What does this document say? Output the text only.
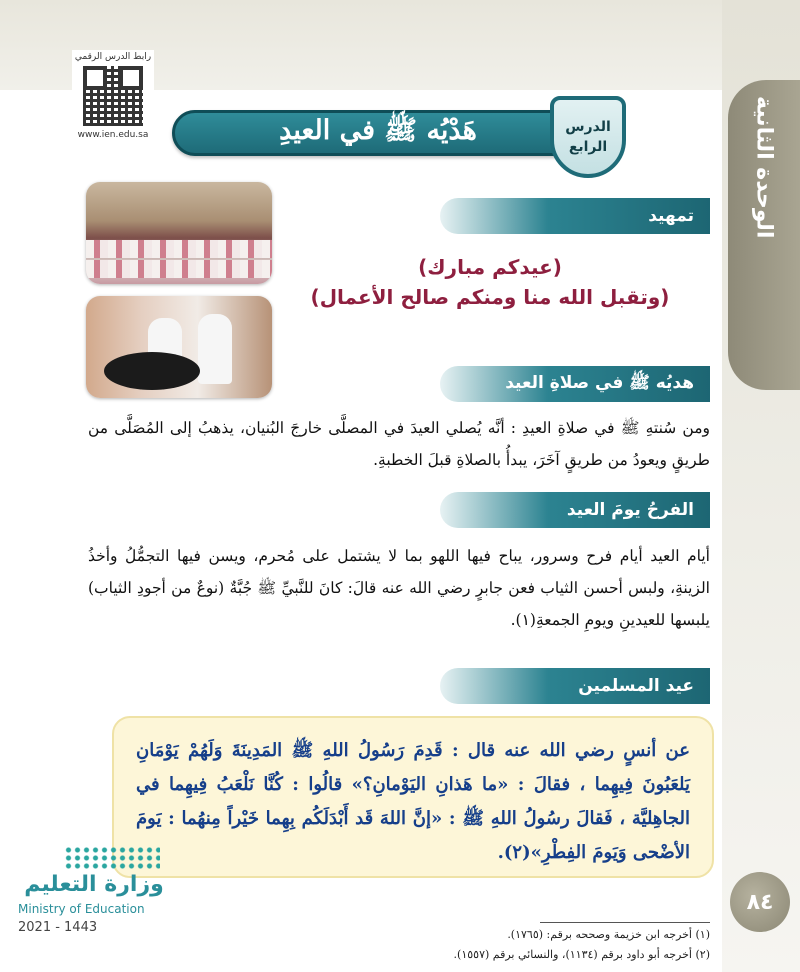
الوحدة الثانية
رابط الدرس الرقمي
www.ien.edu.sa	هَدْيُه ﷺ في العيدِ	الدرس
الرابع
تمهيد
(عيدكم مبارك)
(وتقبل الله منا ومنكم صالح الأعمال)
هديُه ﷺ في صلاةِ العيد
ومن سُنتهِ ﷺ في صلاةِ العيدِ : أنَّه يُصلي العيدَ في المصلَّى خارجَ البُنيان، يذهبُ إلى المُصَلَّى من طريقٍ ويعودُ من طريقٍ آخَرَ، يبدأُ بالصلاةِ قبلَ الخطبةِ.
الفرحُ يومَ العيد
أيام العيد أيام فرح وسرور، يباح فيها اللهو بما لا يشتمل على مُحرم، ويسن فيها التجمُّلُ وأخذُ الزينةِ، ولبس أحسن الثياب فعن جابرٍ رضي الله عنه قالَ: كانَ للنَّبيِّ ﷺ جُبَّةٌ (نوعٌ من أجودِ الثياب) يلبسها للعيدينِ ويومِ الجمعةِ(١).
عيد المسلمين
عن أنسٍ رضي الله عنه قال : قَدِمَ رَسُولُ اللهِ ﷺ المَدِينَةَ وَلَهُمْ يَوْمَانِ يَلعَبُونَ فِيهِما ، فقالَ : «ما هَذانِ اليَوْمانِ؟» قالُوا : كُنَّا نَلْعَبُ فِيهِما في الجاهِليَّة ، فَقالَ رسُولُ اللهِ ﷺ : «إنَّ اللهَ قَد أَبْدَلَكُم بِهِما خَيْراً مِنهُما : يَومَ الأضْحى وَيَومَ الفِطْرِ»(٢).
٨٤
وزارة التعليم
Ministry of Education
2021 - 1443	(١) أخرجه ابن خزيمة وصححه برقم: (١٧٦٥).
(٢) أخرجه أبو داود برقم (١١٣٤)، والنسائي برقم (١٥٥٧).
